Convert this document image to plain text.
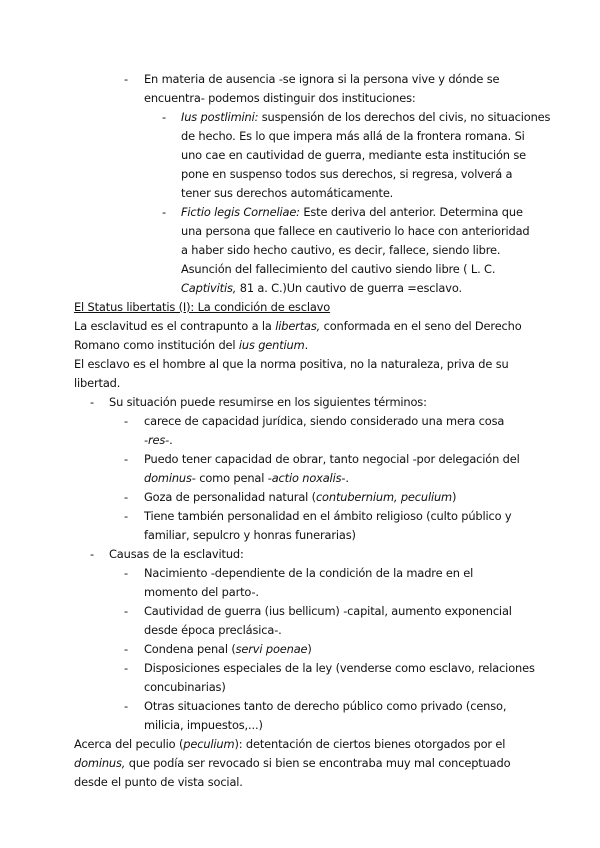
- En materia de ausencia -se ignora si la persona vive y dónde se
encuentra- podemos distinguir dos instituciones:
- Ius postlimini: suspensión de los derechos del civis, no situaciones
de hecho. Es lo que impera más allá de la frontera romana. Si
uno cae en cautividad de guerra, mediante esta institución se
pone en suspenso todos sus derechos, si regresa, volverá a
tener sus derechos automáticamente.
- Fictio legis Corneliae: Este deriva del anterior. Determina que
una persona que fallece en cautiverio lo hace con anterioridad
a haber sido hecho cautivo, es decir, fallece, siendo libre.
Asunción del fallecimiento del cautivo siendo libre ( L. C.
Captivitis, 81 a. C.)Un cautivo de guerra =esclavo.
El Status libertatis (I): La condición de esclavo
La esclavitud es el contrapunto a la libertas, conformada en el seno del Derecho
Romano como institución del ius gentium.
El esclavo es el hombre al que la norma positiva, no la naturaleza, priva de su
libertad.
- Su situación puede resumirse en los siguientes términos:
- carece de capacidad jurídica, siendo considerado una mera cosa
-res-.
- Puedo tener capacidad de obrar, tanto negocial -por delegación del
dominus- como penal -actio noxalis-.
- Goza de personalidad natural (contubernium, peculium)
- Tiene también personalidad en el ámbito religioso (culto público y
familiar, sepulcro y honras funerarias)
- Causas de la esclavitud:
- Nacimiento -dependiente de la condición de la madre en el
momento del parto-.
- Cautividad de guerra (ius bellicum) -capital, aumento exponencial
desde época preclásica-.
- Condena penal (servi poenae)
- Disposiciones especiales de la ley (venderse como esclavo, relaciones
concubinarias)
- Otras situaciones tanto de derecho público como privado (censo,
milicia, impuestos,...)
Acerca del peculio (peculium): detentación de ciertos bienes otorgados por el
dominus, que podía ser revocado si bien se encontraba muy mal conceptuado
desde el punto de vista social.
